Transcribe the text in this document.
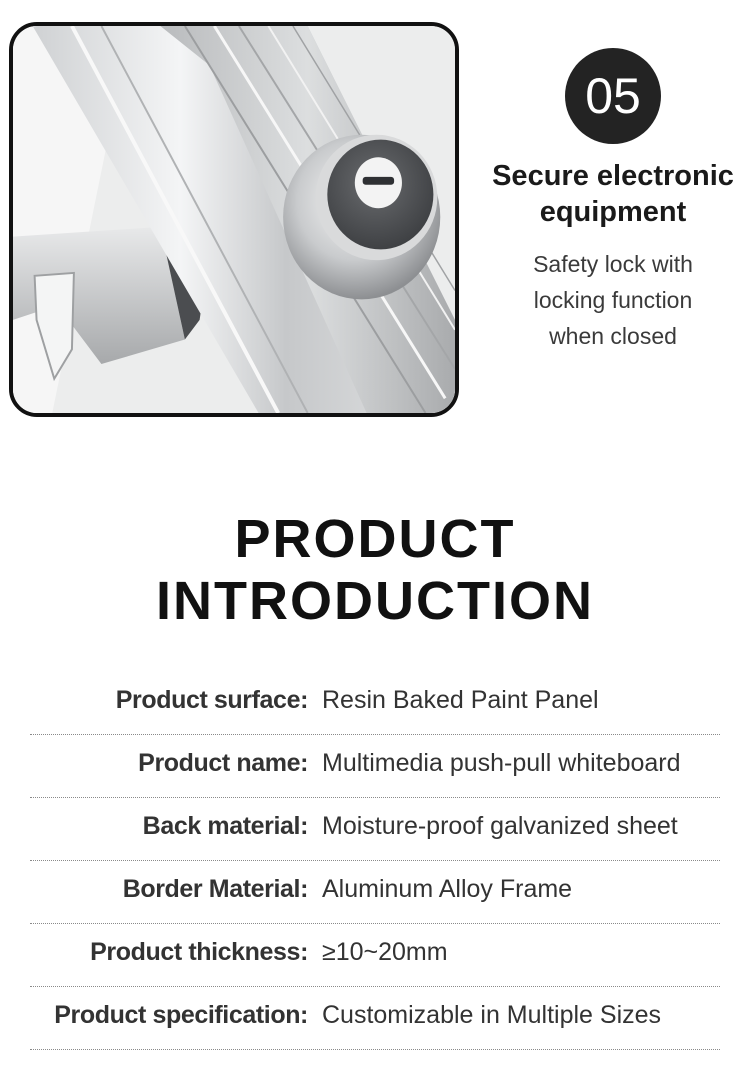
05
Secure electronic
equipment
Safety lock with
locking function
when closed
PRODUCT
INTRODUCTION
Product surface: Resin Baked Paint Panel
Product name: Multimedia push-pull whiteboard
Back material: Moisture-proof galvanized sheet
Border Material: Aluminum Alloy Frame
Product thickness: ≥10~20mm
Product specification: Customizable in Multiple Sizes
